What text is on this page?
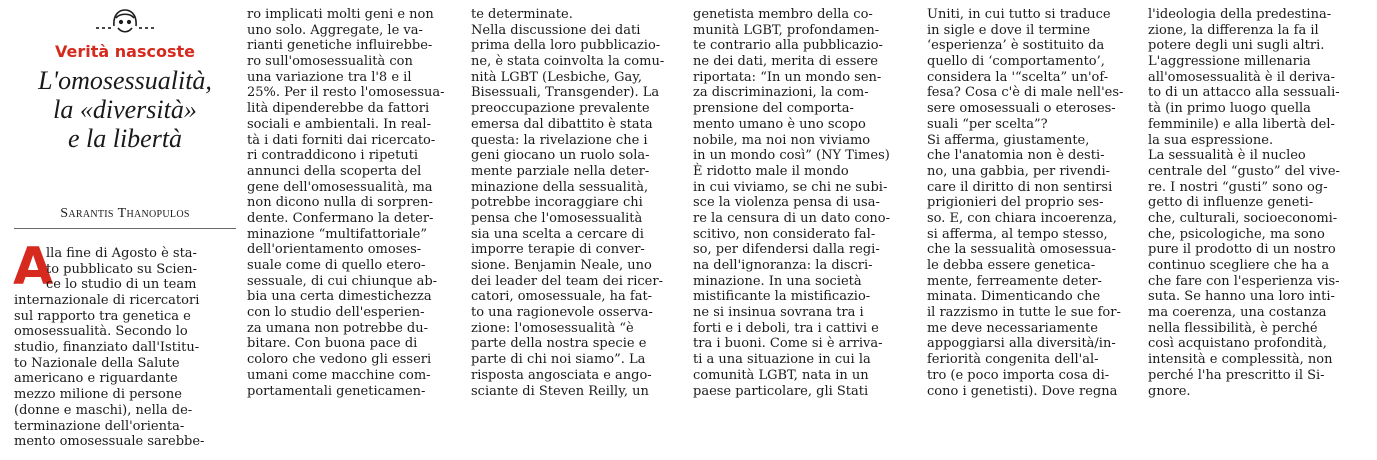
Verità nascoste
L'omosessualità,
la «diversità»
e la libertà
Sarantis Thanopulos
A
lla fine di Agosto è sta-
to pubblicato su Scien-
ce lo studio di un team
internazionale di ricercatori
sul rapporto tra genetica e
omosessualità. Secondo lo
studio, finanziato dall'Istitu-
to Nazionale della Salute
americano e riguardante
mezzo milione di persone
(donne e maschi), nella de-
terminazione dell'orienta-
mento omosessuale sarebbe-
ro implicati molti geni e non
uno solo. Aggregate, le va-
rianti genetiche influirebbe-
ro sull'omosessualità con
una variazione tra l'8 e il
25%. Per il resto l'omosessua-
lità dipenderebbe da fattori
sociali e ambientali. In real-
tà i dati forniti dai ricercato-
ri contraddicono i ripetuti
annunci della scoperta del
gene dell'omosessualità, ma
non dicono nulla di sorpren-
dente. Confermano la deter-
minazione “multifattoriale”
dell'orientamento omoses-
suale come di quello etero-
sessuale, di cui chiunque ab-
bia una certa dimestichezza
con lo studio dell'esperien-
za umana non potrebbe du-
bitare. Con buona pace di
coloro che vedono gli esseri
umani come macchine com-
portamentali geneticamen-
te determinate.
Nella discussione dei dati
prima della loro pubblicazio-
ne, è stata coinvolta la comu-
nità LGBT (Lesbiche, Gay,
Bisessuali, Transgender). La
preoccupazione prevalente
emersa dal dibattito è stata
questa: la rivelazione che i
geni giocano un ruolo sola-
mente parziale nella deter-
minazione della sessualità,
potrebbe incoraggiare chi
pensa che l'omosessualità
sia una scelta a cercare di
imporre terapie di conver-
sione. Benjamin Neale, uno
dei leader del team dei ricer-
catori, omosessuale, ha fat-
to una ragionevole osserva-
zione: l'omosessualità “è
parte della nostra specie e
parte di chi noi siamo”. La
risposta angosciata e ango-
sciante di Steven Reilly, un
genetista membro della co-
munità LGBT, profondamen-
te contrario alla pubblicazio-
ne dei dati, merita di essere
riportata: “In un mondo sen-
za discriminazioni, la com-
prensione del comporta-
mento umano è uno scopo
nobile, ma noi non viviamo
in un mondo così” (NY Times)
È ridotto male il mondo
in cui viviamo, se chi ne subi-
sce la violenza pensa di usa-
re la censura di un dato cono-
scitivo, non considerato fal-
so, per difendersi dalla regi-
na dell'ignoranza: la discri-
minazione. In una società
mistificante la mistificazio-
ne si insinua sovrana tra i
forti e i deboli, tra i cattivi e
tra i buoni. Come si è arriva-
ti a una situazione in cui la
comunità LGBT, nata in un
paese particolare, gli Stati
Uniti, in cui tutto si traduce
in sigle e dove il termine
‘esperienza’ è sostituito da
quello di ‘comportamento’,
considera la '“scelta” un'of-
fesa? Cosa c'è di male nell'es-
sere omosessuali o eteroses-
suali “per scelta”?
Si afferma, giustamente,
che l'anatomia non è desti-
no, una gabbia, per rivendi-
care il diritto di non sentirsi
prigionieri del proprio ses-
so. E, con chiara incoerenza,
si afferma, al tempo stesso,
che la sessualità omosessua-
le debba essere genetica-
mente, ferreamente deter-
minata. Dimenticando che
il razzismo in tutte le sue for-
me deve necessariamente
appoggiarsi alla diversità/in-
feriorità congenita dell'al-
tro (e poco importa cosa di-
cono i genetisti). Dove regna
l'ideologia della predestina-
zione, la differenza la fa il
potere degli uni sugli altri.
L'aggressione millenaria
all'omosessualità è il deriva-
to di un attacco alla sessuali-
tà (in primo luogo quella
femminile) e alla libertà del-
la sua espressione.
La sessualità è il nucleo
centrale del “gusto” del vive-
re. I nostri “gusti” sono og-
getto di influenze geneti-
che, culturali, socioeconomi-
che, psicologiche, ma sono
pure il prodotto di un nostro
continuo scegliere che ha a
che fare con l'esperienza vis-
suta. Se hanno una loro inti-
ma coerenza, una costanza
nella flessibilità, è perché
così acquistano profondità,
intensità e complessità, non
perché l'ha prescritto il Si-
gnore.
